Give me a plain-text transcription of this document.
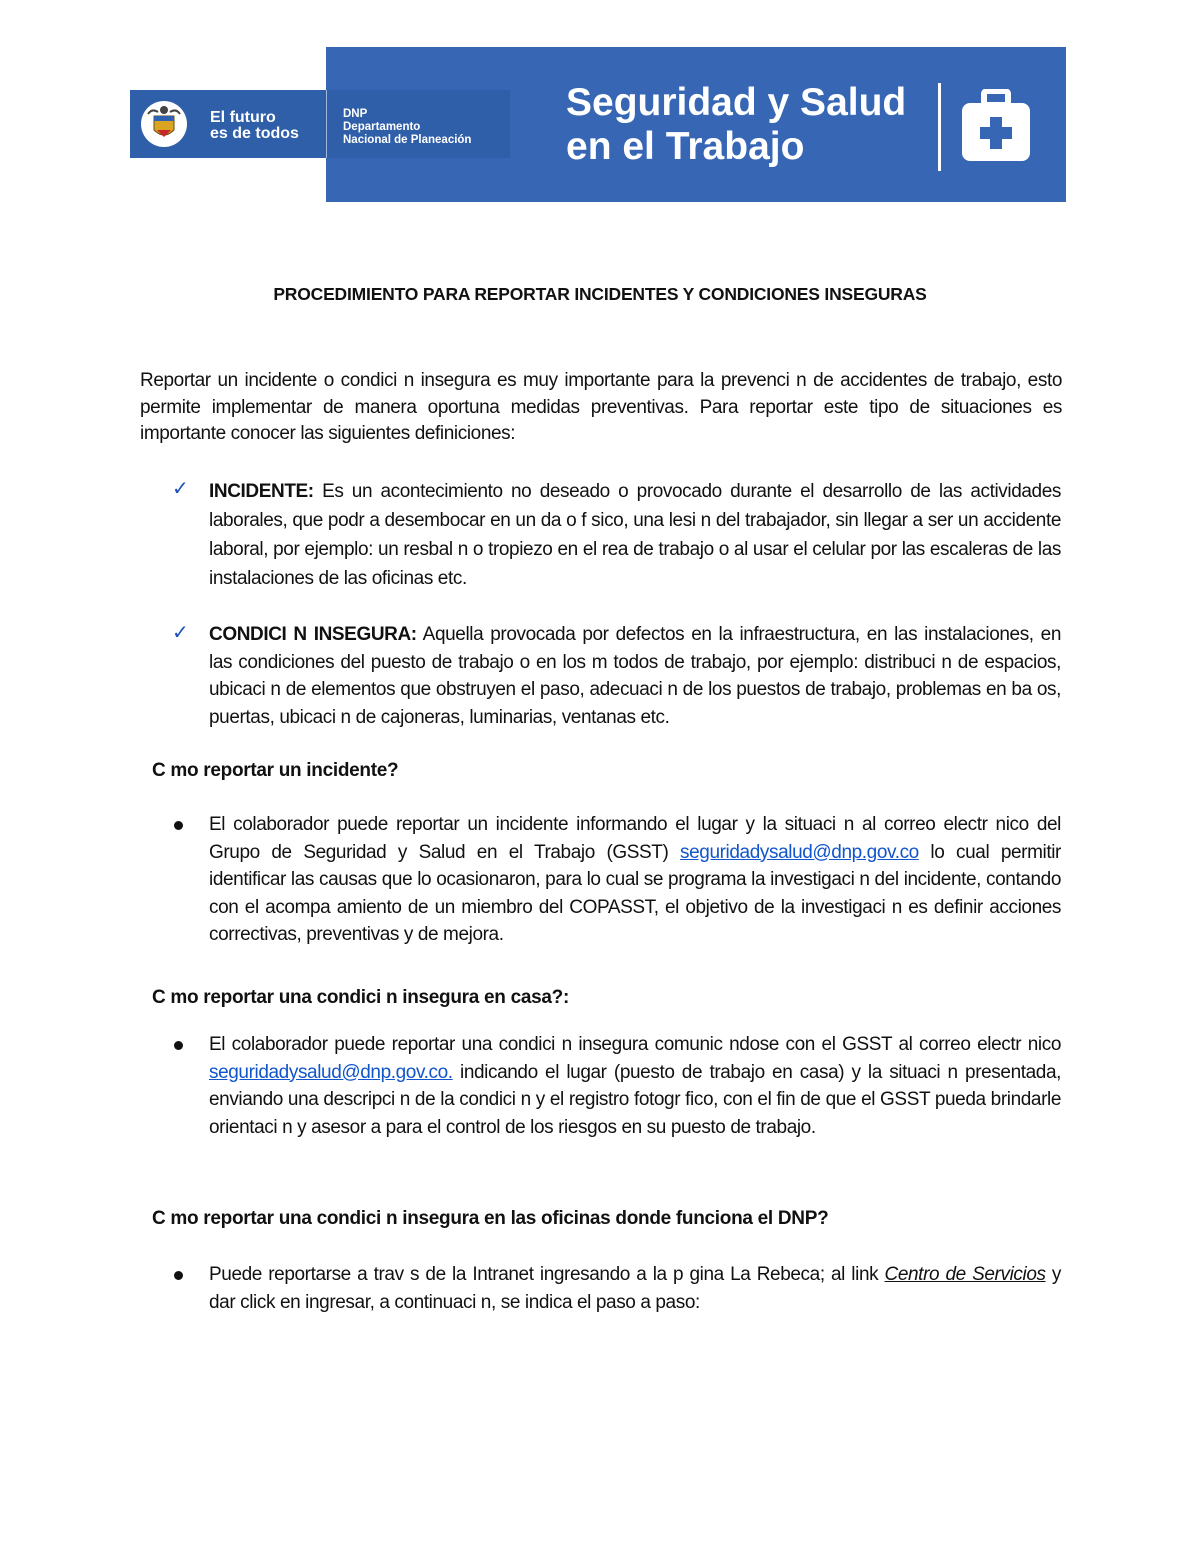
Seguridad y Salud
en el Trabajo
El futuro
es de todos
DNP
Departamento
Nacional de Planeación
PROCEDIMIENTO PARA REPORTAR INCIDENTES Y CONDICIONES INSEGURAS
Reportar un incidente o condici n insegura es muy importante para la prevenci n de accidentes de trabajo, esto permite implementar de manera oportuna medidas preventivas. Para reportar este tipo de situaciones es importante conocer las siguientes definiciones:
✓ INCIDENTE: Es un acontecimiento no deseado o provocado durante el desarrollo de las actividades laborales, que podr a desembocar en un da o f sico, una lesi n del trabajador, sin llegar a ser un accidente laboral, por ejemplo: un resbal n o tropiezo en el rea de trabajo o al usar el celular por las escaleras de las instalaciones de las oficinas etc.
✓ CONDICI N INSEGURA: Aquella provocada por defectos en la infraestructura, en las instalaciones, en las condiciones del puesto de trabajo o en los m todos de trabajo, por ejemplo: distribuci n de espacios, ubicaci n de elementos que obstruyen el paso, adecuaci n de los puestos de trabajo, problemas en ba os, puertas, ubicaci n de cajoneras, luminarias, ventanas etc.
C mo reportar un incidente?
El colaborador puede reportar un incidente informando el lugar y la situaci n al correo electr nico del Grupo de Seguridad y Salud en el Trabajo (GSST) seguridadysalud@dnp.gov.co lo cual permitir identificar las causas que lo ocasionaron, para lo cual se programa la investigaci n del incidente, contando con el acompa amiento de un miembro del COPASST, el objetivo de la investigaci n es definir acciones correctivas, preventivas y de mejora.
C mo reportar una condici n insegura en casa?:
El colaborador puede reportar una condici n insegura comunic ndose con el GSST al correo electr nico seguridadysalud@dnp.gov.co. indicando el lugar (puesto de trabajo en casa) y la situaci n presentada, enviando una descripci n de la condici n y el registro fotogr fico, con el fin de que el GSST pueda brindarle orientaci n y asesor a para el control de los riesgos en su puesto de trabajo.
C mo reportar una condici n insegura en las oficinas donde funciona el DNP?
Puede reportarse a trav s de la Intranet ingresando a la p gina La Rebeca; al link Centro de Servicios y dar click en ingresar, a continuaci n, se indica el paso a paso:
